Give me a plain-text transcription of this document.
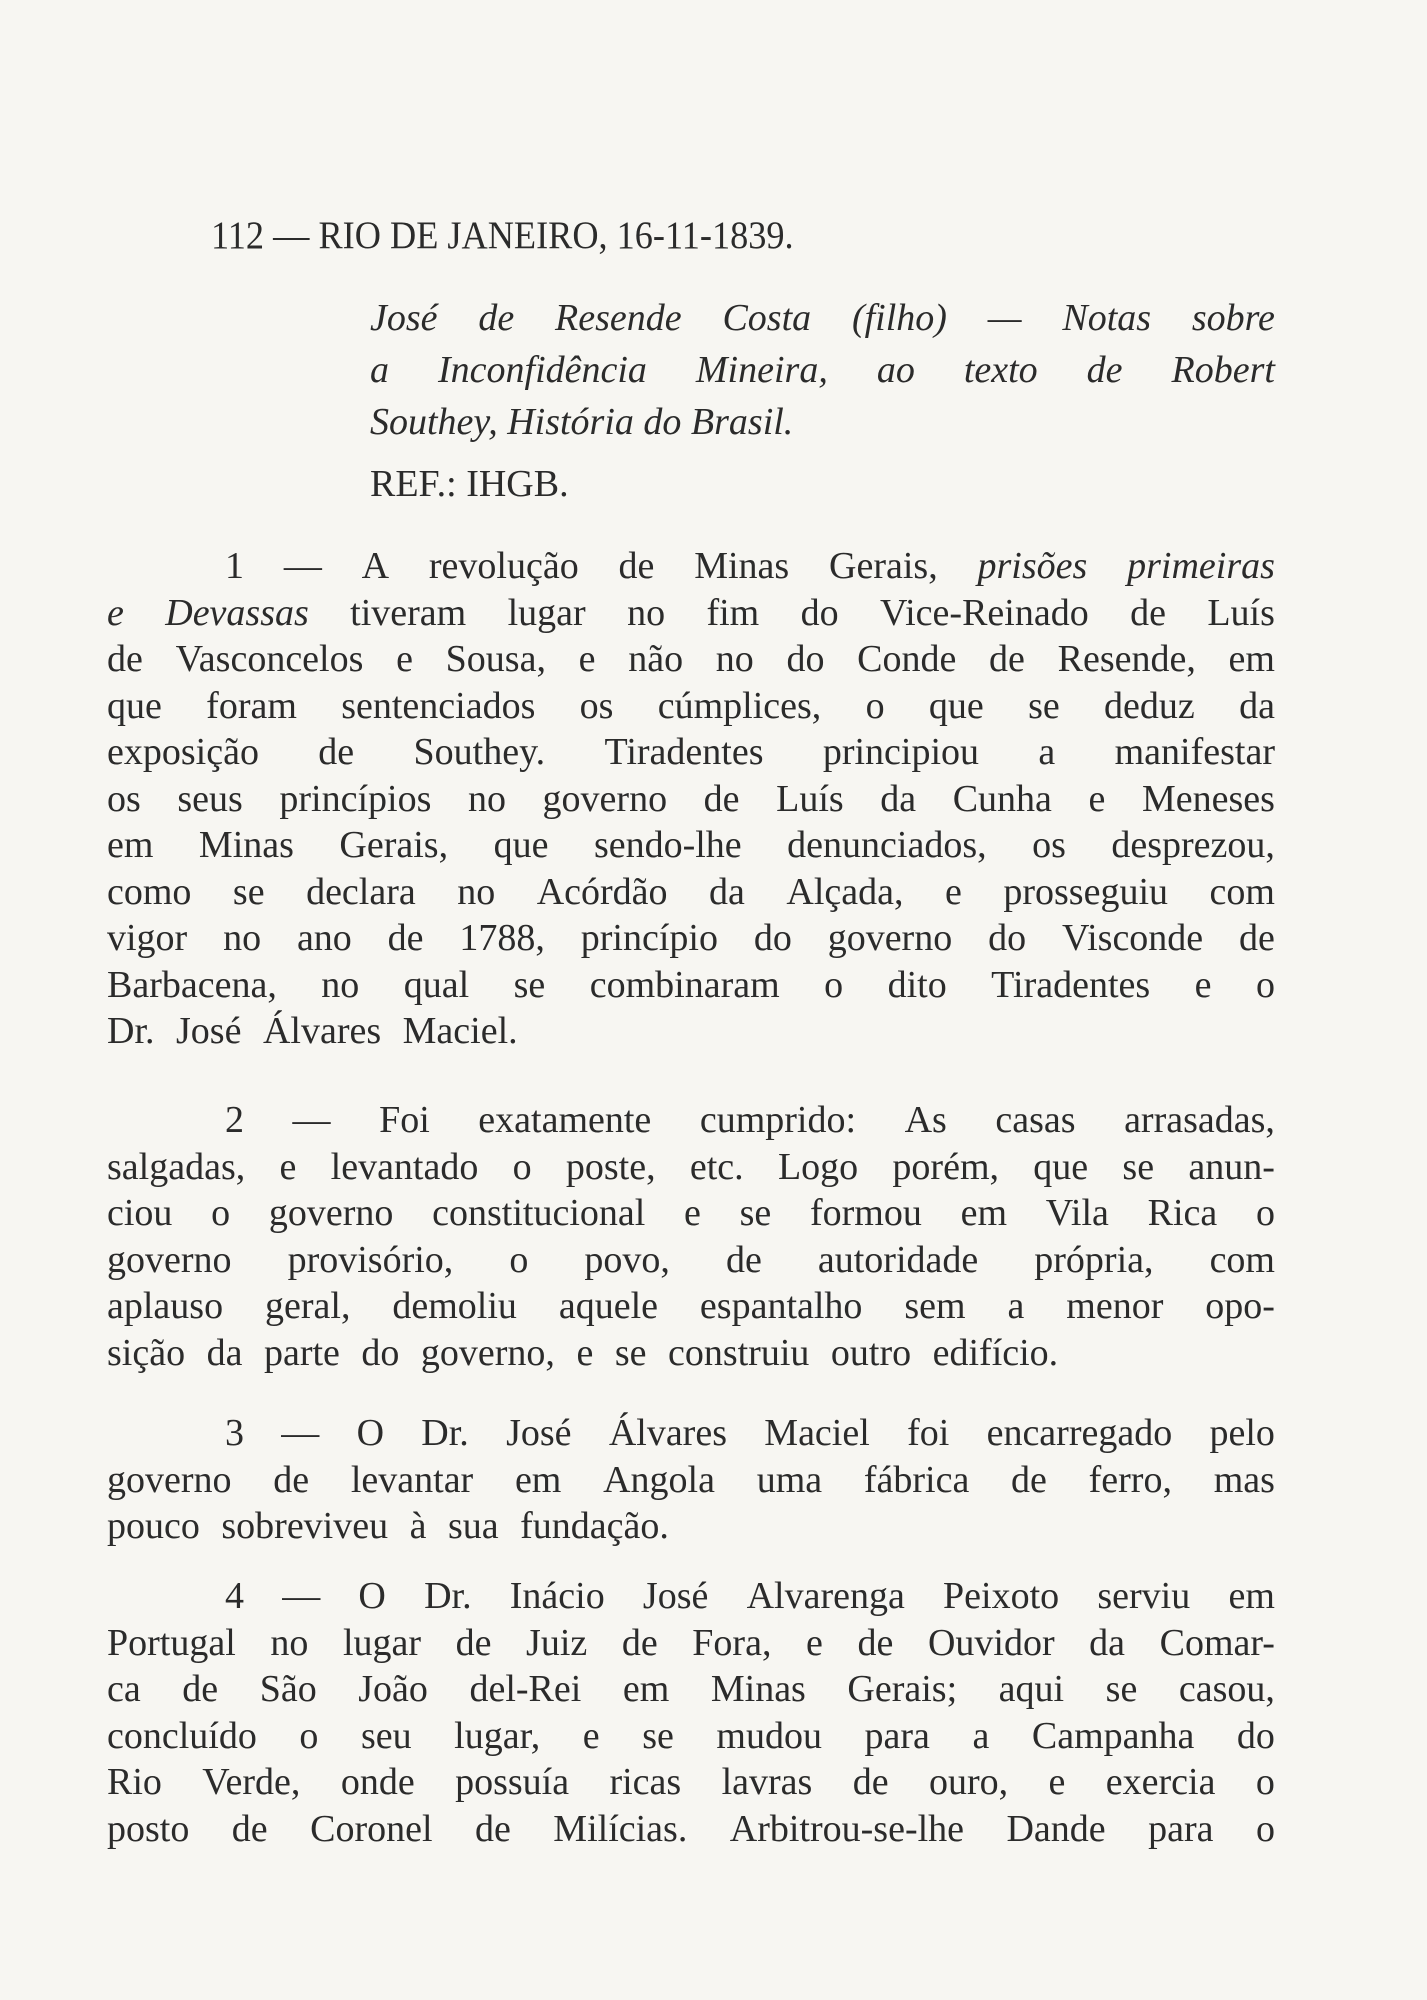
112 — RIO DE JANEIRO, 16-11-1839.
José de Resende Costa (filho) — Notas sobre
a Inconfidência Mineira, ao texto de Robert
Southey, História do Brasil.
REF.: IHGB.
1 — A revolução de Minas Gerais, prisões primeiras
e Devassas tiveram lugar no fim do Vice-Reinado de Luís
de Vasconcelos e Sousa, e não no do Conde de Resende, em
que foram sentenciados os cúmplices, o que se deduz da
exposição de Southey. Tiradentes principiou a manifestar
os seus princípios no governo de Luís da Cunha e Meneses
em Minas Gerais, que sendo-lhe denunciados, os desprezou,
como se declara no Acórdão da Alçada, e prosseguiu com
vigor no ano de 1788, princípio do governo do Visconde de
Barbacena, no qual se combinaram o dito Tiradentes e o
Dr. José Álvares Maciel.
2 — Foi exatamente cumprido: As casas arrasadas,
salgadas, e levantado o poste, etc. Logo porém, que se anun-
ciou o governo constitucional e se formou em Vila Rica o
governo provisório, o povo, de autoridade própria, com
aplauso geral, demoliu aquele espantalho sem a menor opo-
sição da parte do governo, e se construiu outro edifício.
3 — O Dr. José Álvares Maciel foi encarregado pelo
governo de levantar em Angola uma fábrica de ferro, mas
pouco sobreviveu à sua fundação.
4 — O Dr. Inácio José Alvarenga Peixoto serviu em
Portugal no lugar de Juiz de Fora, e de Ouvidor da Comar-
ca de São João del-Rei em Minas Gerais; aqui se casou,
concluído o seu lugar, e se mudou para a Campanha do
Rio Verde, onde possuía ricas lavras de ouro, e exercia o
posto de Coronel de Milícias. Arbitrou-se-lhe Dande para o
